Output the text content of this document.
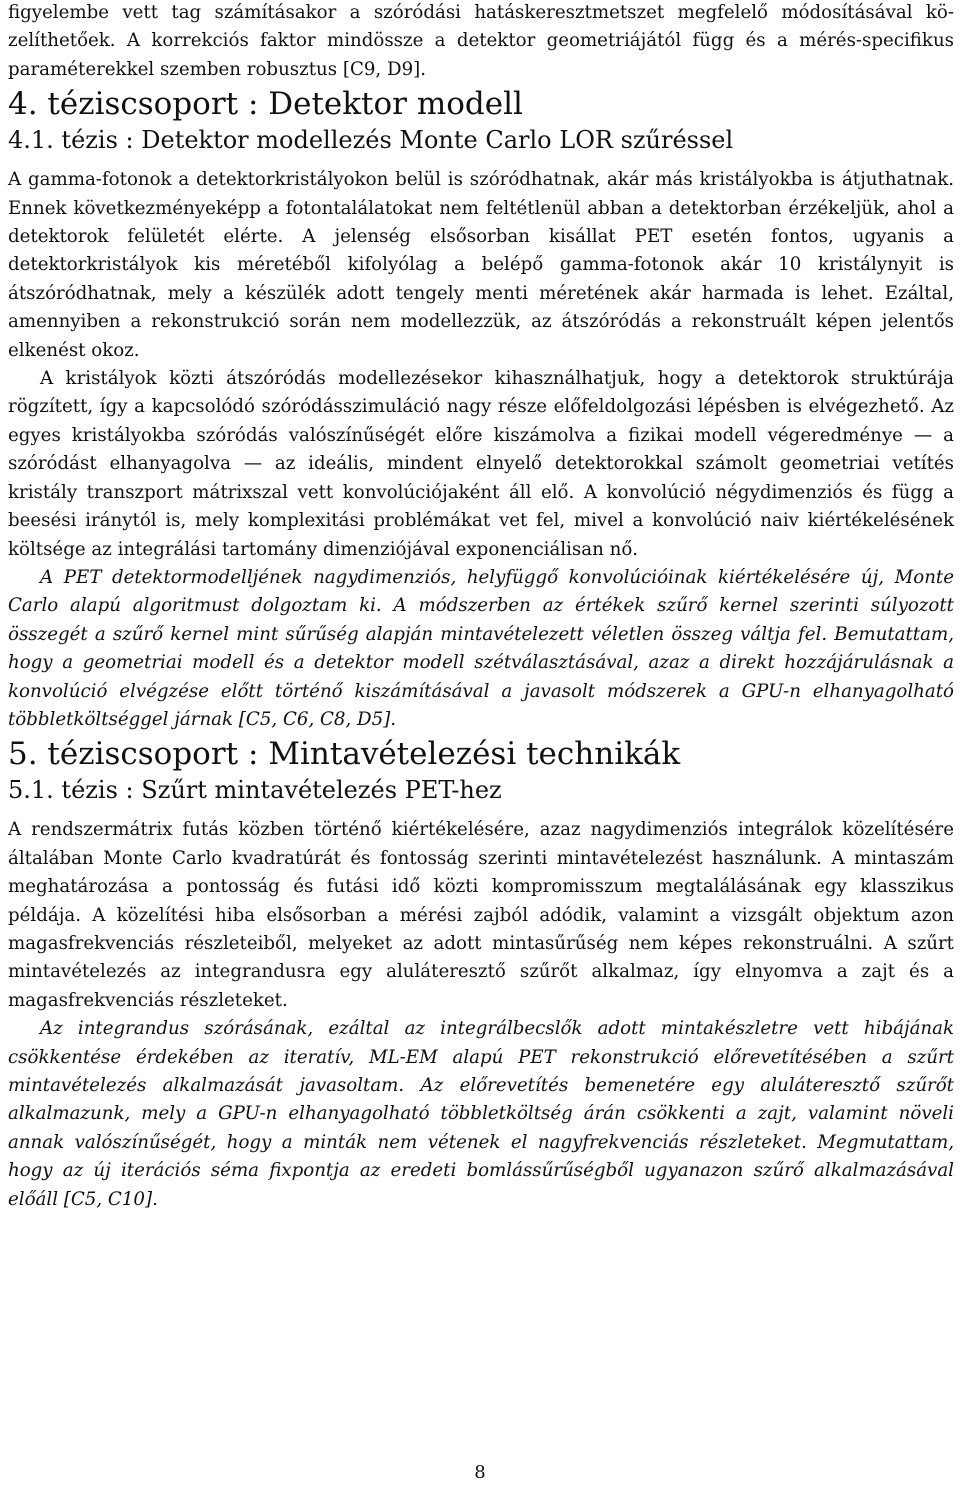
figyelembe vett tag számításakor a szóródási hatáskeresztmetszet megfelelő módosításával közelíthetőek. A korrekciós faktor mindössze a detektor geometriájától függ és a mérés-specifikus paraméterekkel szemben robusztus [C9, D9].

4. téziscsoport : Detektor modell
4.1. tézis : Detektor modellezés Monte Carlo LOR szűréssel

A gamma-fotonok a detektorkristályokon belül is szóródhatnak, akár más kristályokba is átjuthatnak. Ennek következményeképp a fotontalálatokat nem feltétlenül abban a detektorban érzékeljük, ahol a detektorok felületét elérte. A jelenség elsősorban kisállat PET esetén fontos, ugyanis a detektorkristályok kis méretéből kifolyólag a belépő gamma-fotonok akár 10 kristálynyit is átszóródhatnak, mely a készülék adott tengely menti méretének akár harmada is lehet. Ezáltal, amennyiben a rekonstrukció során nem modellezzük, az átszóródás a rekonstruált képen jelentős elkenést okoz.

A kristályok közti átszóródás modellezésekor kihasználhatjuk, hogy a detektorok struktúrája rögzített, így a kapcsolódó szóródásszimuláció nagy része előfeldolgozási lépésben is elvégezhető. Az egyes kristályokba szóródás valószínűségét előre kiszámolva a fizikai modell végeredménye — a szóródást elhanyagolva — az ideális, mindent elnyelő detektorokkal számolt geometriai vetítés kristály transzport mátrixszal vett konvolúciójaként áll elő. A konvolúció négydimenziós és függ a beesési iránytól is, mely komplexitási problémákat vet fel, mivel a konvolúció naiv kiértékelésének költsége az integrálási tartomány dimenziójával exponenciálisan nő.

A PET detektormodelljének nagydimenziós, helyfüggő konvolúcióinak kiértékelésére új, Monte Carlo alapú algoritmust dolgoztam ki. A módszerben az értékek szűrő kernel szerinti súlyozott összegét a szűrő kernel mint sűrűség alapján mintavételezett véletlen összeg váltja fel. Bemutattam, hogy a geometriai modell és a detektor modell szétválasztásával, azaz a direkt hozzájárulásnak a konvolúció elvégzése előtt történő kiszámításával a javasolt módszerek a GPU-n elhanyagolható többletköltséggel járnak [C5, C6, C8, D5].

5. téziscsoport : Mintavételezési technikák
5.1. tézis : Szűrt mintavételezés PET-hez

A rendszermátrix futás közben történő kiértékelésére, azaz nagydimenziós integrálok közelítésére általában Monte Carlo kvadratúrát és fontosság szerinti mintavételezést használunk. A mintaszám meghatározása a pontosság és futási idő közti kompromisszum megtalálásának egy klasszikus példája. A közelítési hiba elsősorban a mérési zajból adódik, valamint a vizsgált objektum azon magasfrekvenciás részleteiből, melyeket az adott mintasűrűség nem képes rekonstruálni. A szűrt mintavételezés az integrandusra egy aluláteresztő szűrőt alkalmaz, így elnyomva a zajt és a magasfrekvenciás részleteket.

Az integrandus szórásának, ezáltal az integrálbecslők adott mintakészletre vett hibájának csökkentése érdekében az iteratív, ML-EM alapú PET rekonstrukció előrevetítésében a szűrt mintavételezés alkalmazását javasoltam. Az előrevetítés bemenetére egy aluláteresztő szűrőt alkalmazunk, mely a GPU-n elhanyagolható többletköltség árán csökkenti a zajt, valamint növeli annak valószínűségét, hogy a minták nem vétenek el nagyfrekvenciás részleteket. Megmutattam, hogy az új iterációs séma fixpontja az eredeti bomlássűrűségből ugyanazon szűrő alkalmazásával előáll [C5, C10].

8
